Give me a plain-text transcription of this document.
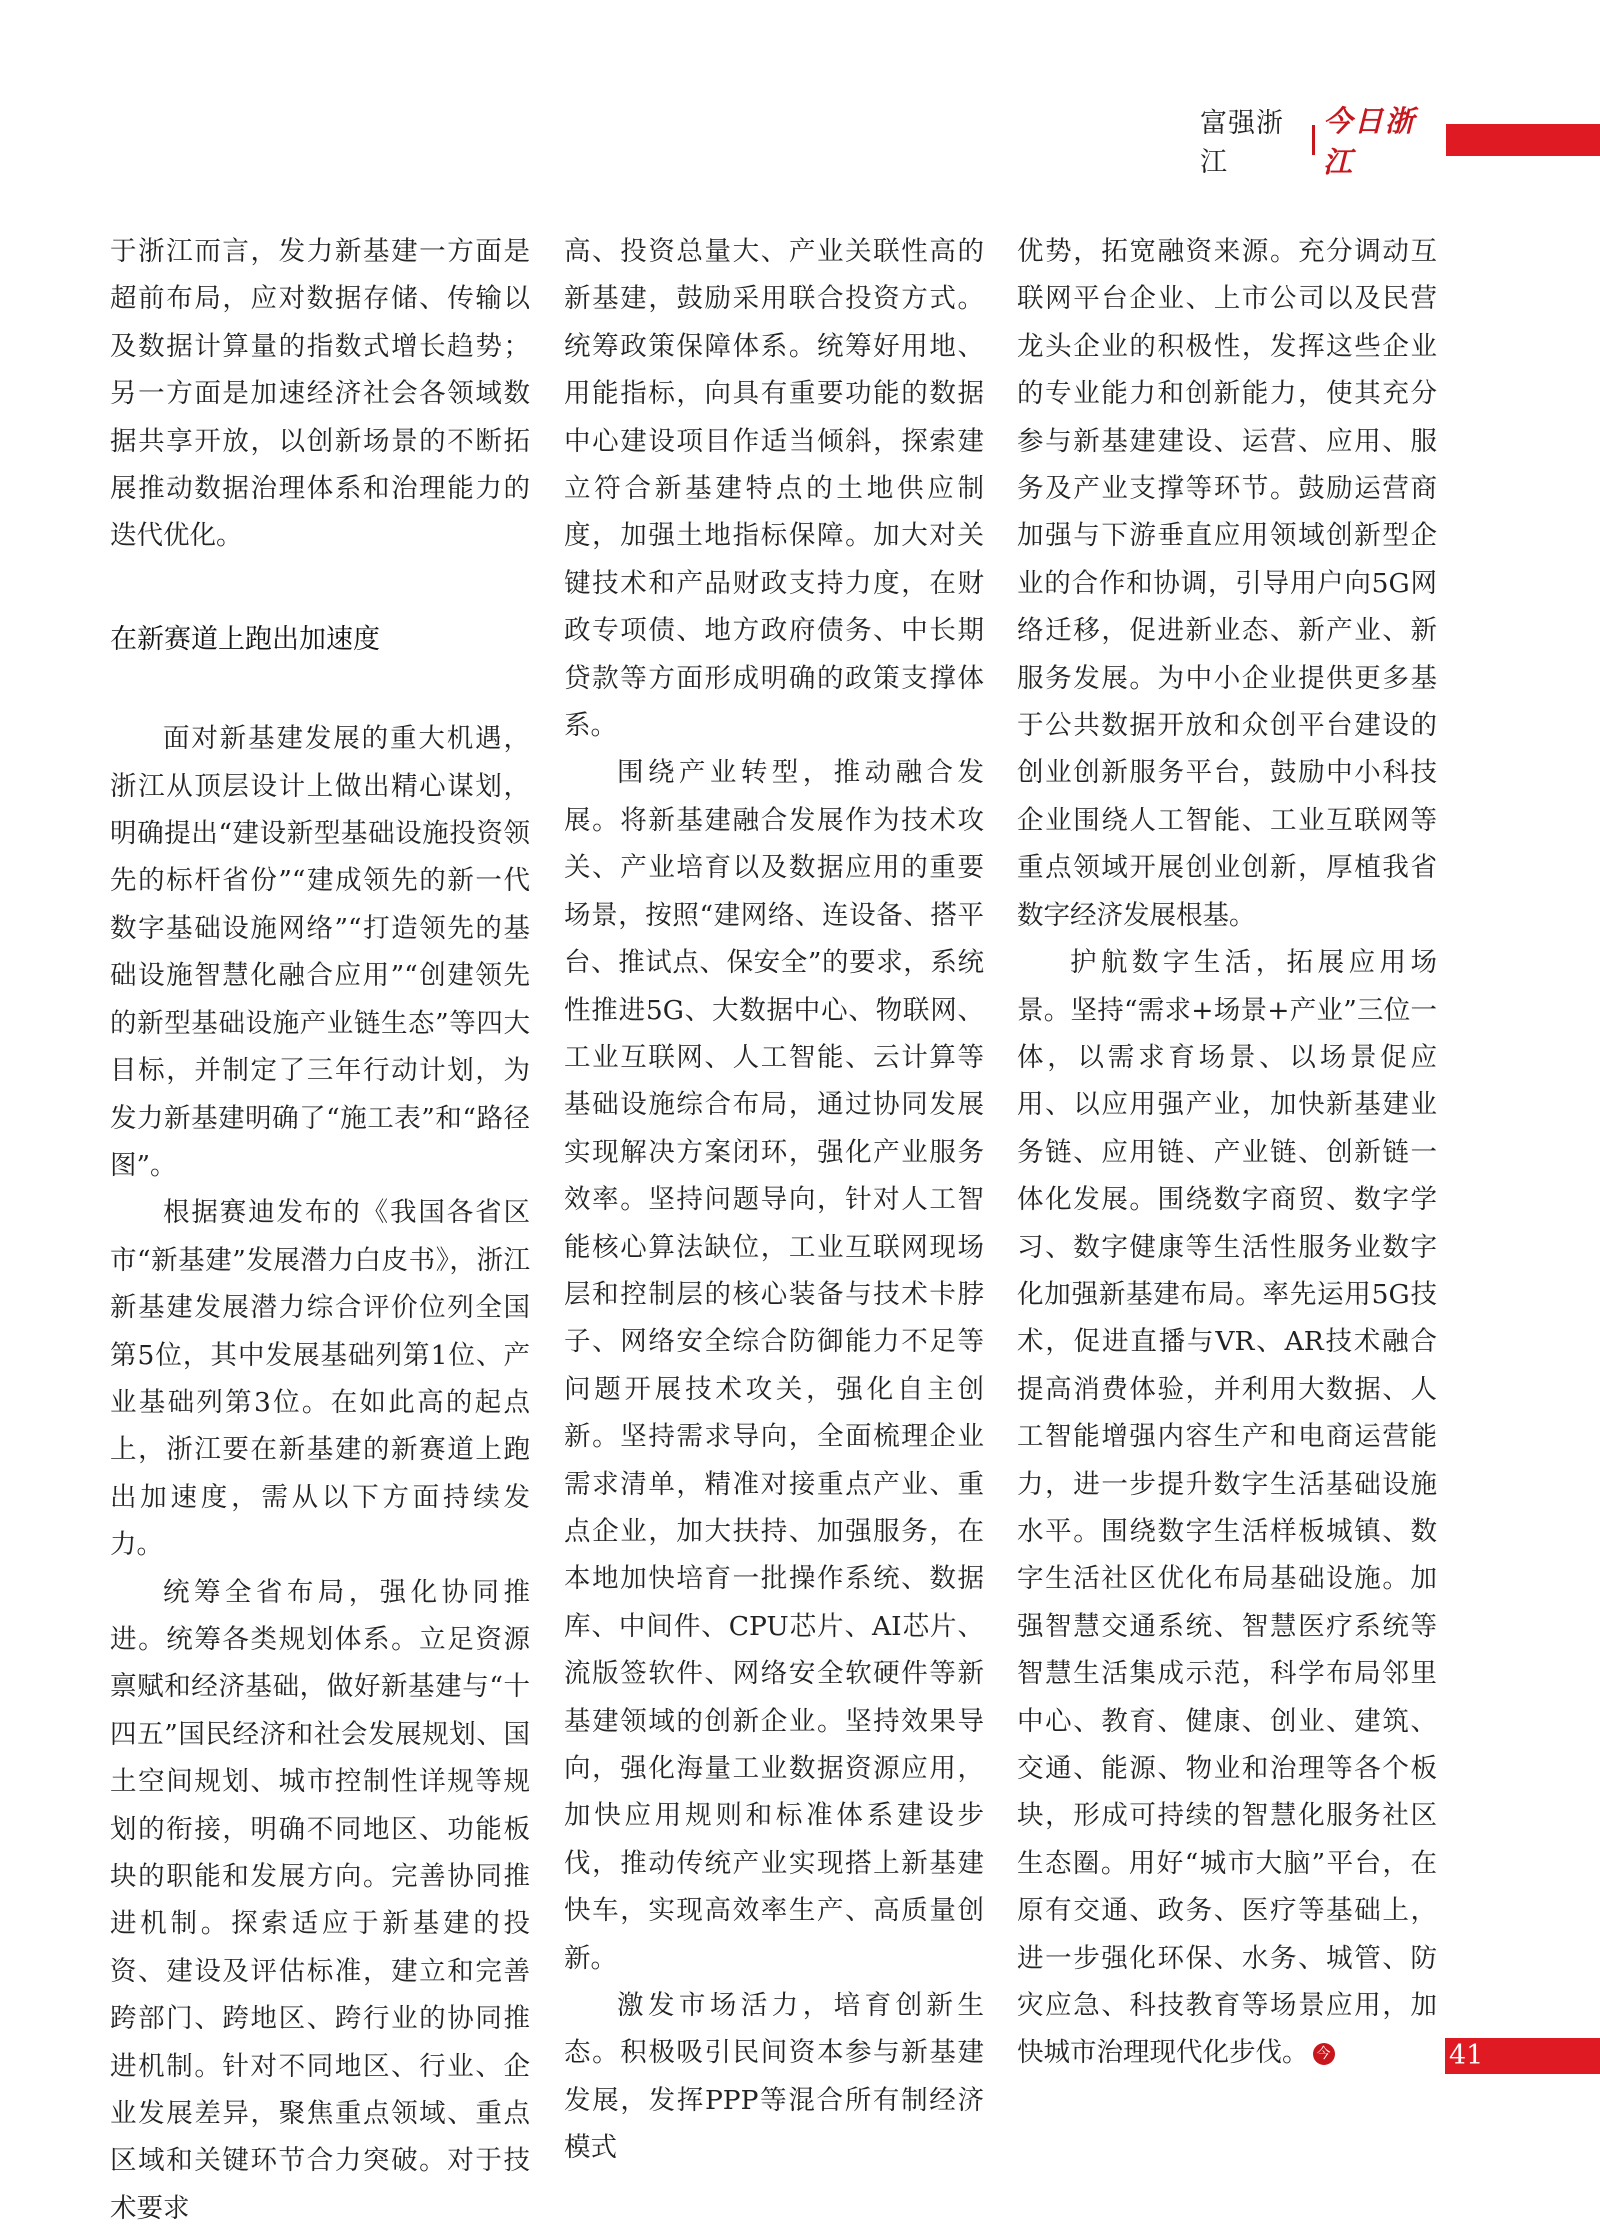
富强浙江
今日浙江

于浙江而言，发力新基建一方面是超前布局，应对数据存储、传输以及数据计算量的指数式增长趋势；另一方面是加速经济社会各领域数据共享开放，以创新场景的不断拓展推动数据治理体系和治理能力的迭代优化。

在新赛道上跑出加速度

面对新基建发展的重大机遇，浙江从顶层设计上做出精心谋划，明确提出“建设新型基础设施投资领先的标杆省份”“建成领先的新一代数字基础设施网络”“打造领先的基础设施智慧化融合应用”“创建领先的新型基础设施产业链生态”等四大目标，并制定了三年行动计划，为发力新基建明确了“施工表”和“路径图”。

根据赛迪发布的《我国各省区市“新基建”发展潜力白皮书》，浙江新基建发展潜力综合评价位列全国第5位，其中发展基础列第1位、产业基础列第3位。在如此高的起点上，浙江要在新基建的新赛道上跑出加速度，需从以下方面持续发力。

统筹全省布局，强化协同推进。统筹各类规划体系。立足资源禀赋和经济基础，做好新基建与“十四五”国民经济和社会发展规划、国土空间规划、城市控制性详规等规划的衔接，明确不同地区、功能板块的职能和发展方向。完善协同推进机制。探索适应于新基建的投资、建设及评估标准，建立和完善跨部门、跨地区、跨行业的协同推进机制。针对不同地区、行业、企业发展差异，聚焦重点领域、重点区域和关键环节合力突破。对于技术要求

高、投资总量大、产业关联性高的新基建，鼓励采用联合投资方式。统筹政策保障体系。统筹好用地、用能指标，向具有重要功能的数据中心建设项目作适当倾斜，探索建立符合新基建特点的土地供应制度，加强土地指标保障。加大对关键技术和产品财政支持力度，在财政专项债、地方政府债务、中长期贷款等方面形成明确的政策支撑体系。

围绕产业转型，推动融合发展。将新基建融合发展作为技术攻关、产业培育以及数据应用的重要场景，按照“建网络、连设备、搭平台、推试点、保安全”的要求，系统性推进5G、大数据中心、物联网、工业互联网、人工智能、云计算等基础设施综合布局，通过协同发展实现解决方案闭环，强化产业服务效率。坚持问题导向，针对人工智能核心算法缺位，工业互联网现场层和控制层的核心装备与技术卡脖子、网络安全综合防御能力不足等问题开展技术攻关，强化自主创新。坚持需求导向，全面梳理企业需求清单，精准对接重点产业、重点企业，加大扶持、加强服务，在本地加快培育一批操作系统、数据库、中间件、CPU芯片、AI芯片、流版签软件、网络安全软硬件等新基建领域的创新企业。坚持效果导向，强化海量工业数据资源应用，加快应用规则和标准体系建设步伐，推动传统产业实现搭上新基建快车，实现高效率生产、高质量创新。

激发市场活力，培育创新生态。积极吸引民间资本参与新基建发展，发挥PPP等混合所有制经济模式

优势，拓宽融资来源。充分调动互联网平台企业、上市公司以及民营龙头企业的积极性，发挥这些企业的专业能力和创新能力，使其充分参与新基建建设、运营、应用、服务及产业支撑等环节。鼓励运营商加强与下游垂直应用领域创新型企业的合作和协调，引导用户向5G网络迁移，促进新业态、新产业、新服务发展。为中小企业提供更多基于公共数据开放和众创平台建设的创业创新服务平台，鼓励中小科技企业围绕人工智能、工业互联网等重点领域开展创业创新，厚植我省数字经济发展根基。

护航数字生活，拓展应用场景。坚持“需求+场景+产业”三位一体，以需求育场景、以场景促应用、以应用强产业，加快新基建业务链、应用链、产业链、创新链一体化发展。围绕数字商贸、数字学习、数字健康等生活性服务业数字化加强新基建布局。率先运用5G技术，促进直播与VR、AR技术融合提高消费体验，并利用大数据、人工智能增强内容生产和电商运营能力，进一步提升数字生活基础设施水平。围绕数字生活样板城镇、数字生活社区优化布局基础设施。加强智慧交通系统、智慧医疗系统等智慧生活集成示范，科学布局邻里中心、教育、健康、创业、建筑、交通、能源、物业和治理等各个板块，形成可持续的智慧化服务社区生态圈。用好“城市大脑”平台，在原有交通、政务、医疗等基础上，进一步强化环保、水务、城管、防灾应急、科技教育等场景应用，加快城市治理现代化步伐。 今	41
